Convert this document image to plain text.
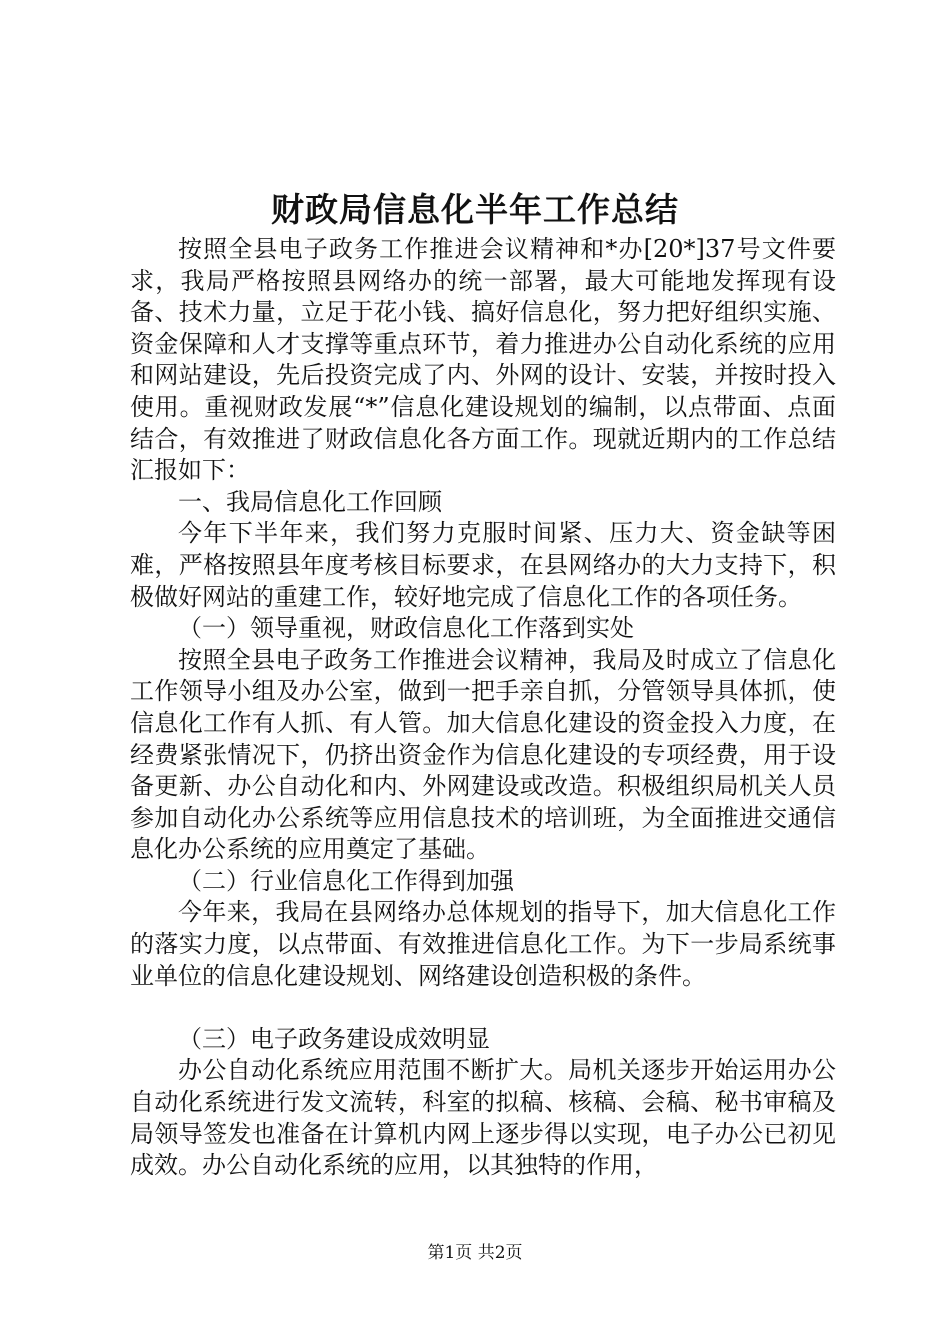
财政局信息化半年工作总结

按照全县电子政务工作推进会议精神和*办[20*]37号文件要求，我局严格按照县网络办的统一部署，最大可能地发挥现有设备、技术力量，立足于花小钱、搞好信息化，努力把好组织实施、资金保障和人才支撑等重点环节，着力推进办公自动化系统的应用和网站建设，先后投资完成了内、外网的设计、安装，并按时投入使用。重视财政发展“*”信息化建设规划的编制，以点带面、点面结合，有效推进了财政信息化各方面工作。现就近期内的工作总结汇报如下：

一、我局信息化工作回顾

今年下半年来，我们努力克服时间紧、压力大、资金缺等困难，严格按照县年度考核目标要求，在县网络办的大力支持下，积极做好网站的重建工作，较好地完成了信息化工作的各项任务。

（一）领导重视，财政信息化工作落到实处

按照全县电子政务工作推进会议精神，我局及时成立了信息化工作领导小组及办公室，做到一把手亲自抓，分管领导具体抓，使信息化工作有人抓、有人管。加大信息化建设的资金投入力度，在经费紧张情况下，仍挤出资金作为信息化建设的专项经费，用于设备更新、办公自动化和内、外网建设或改造。积极组织局机关人员参加自动化办公系统等应用信息技术的培训班，为全面推进交通信息化办公系统的应用奠定了基础。

（二）行业信息化工作得到加强

今年来，我局在县网络办总体规划的指导下，加大信息化工作的落实力度，以点带面、有效推进信息化工作。为下一步局系统事业单位的信息化建设规划、网络建设创造积极的条件。

（三）电子政务建设成效明显

办公自动化系统应用范围不断扩大。局机关逐步开始运用办公自动化系统进行发文流转，科室的拟稿、核稿、会稿、秘书审稿及局领导签发也准备在计算机内网上逐步得以实现，电子办公已初见成效。办公自动化系统的应用，以其独特的作用，

第1页 共2页
